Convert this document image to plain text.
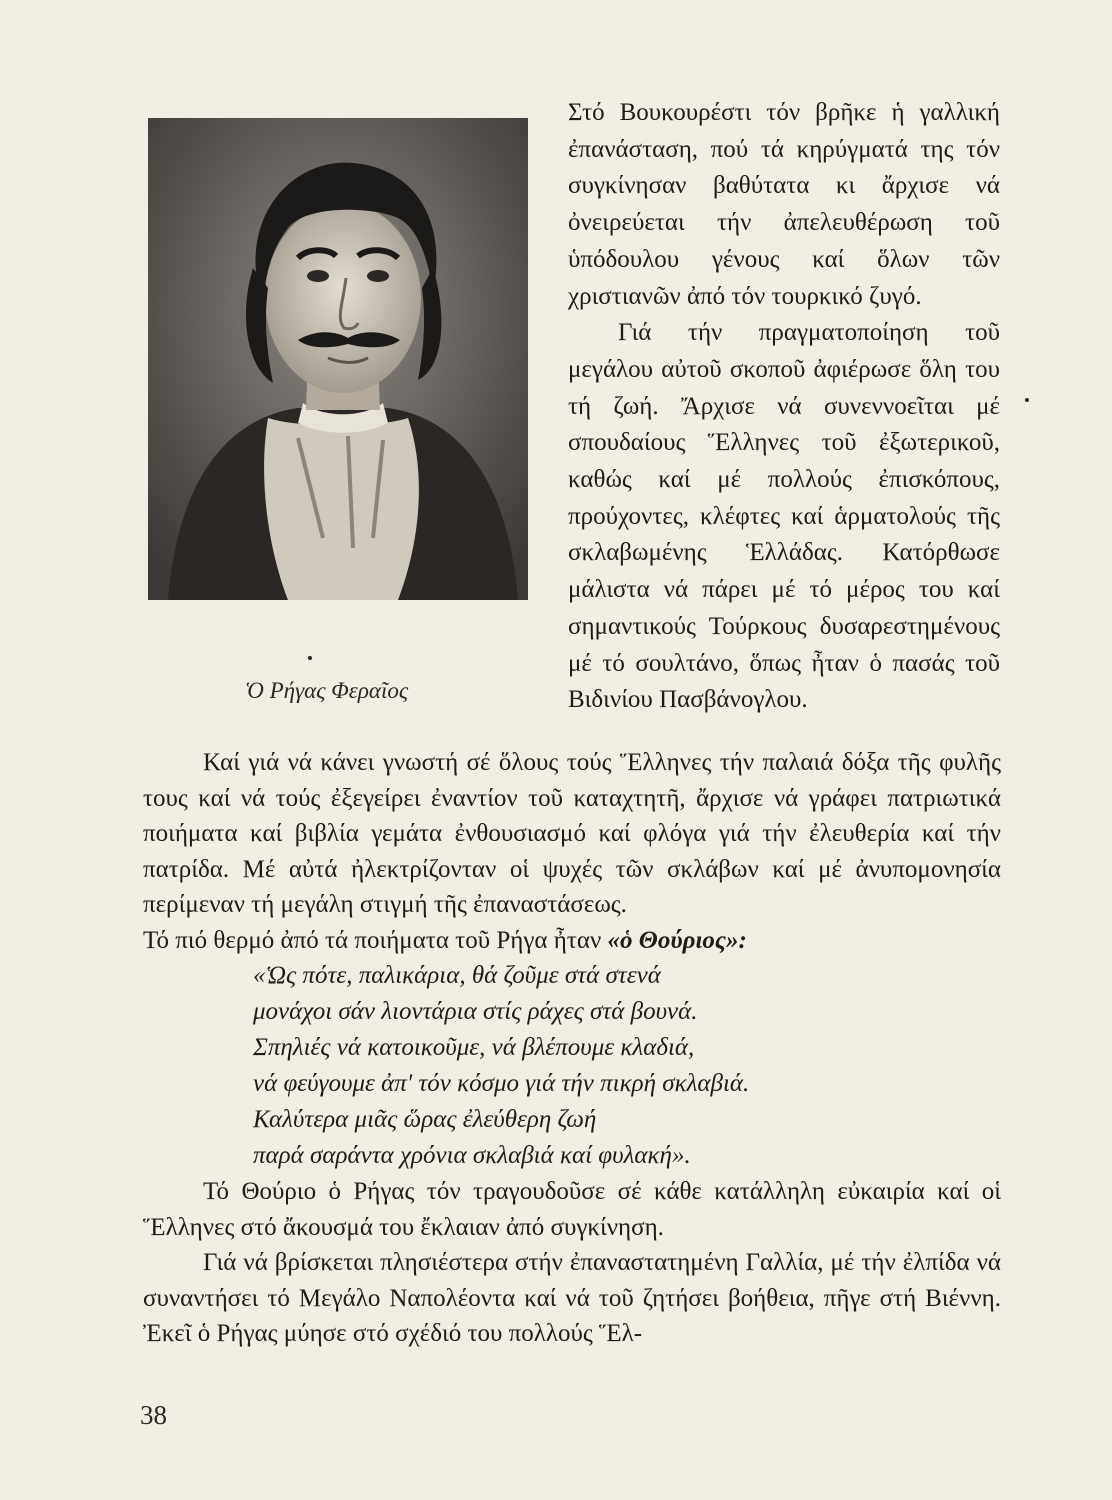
Ὁ Ρήγας Φεραῖος

Στό Βουκουρέστι τόν βρῆκε ἡ γαλλική ἐπανάσταση, πού τά κηρύγματά της τόν συγκίνησαν βαθύτατα κι ἄρχισε νά ὀνειρεύεται τήν ἀπελευθέρωση τοῦ ὑπόδουλου γένους καί ὅλων τῶν χριστιανῶν ἀπό τόν τουρκικό ζυγό.

Γιά τήν πραγματοποίηση τοῦ μεγάλου αὐτοῦ σκοποῦ ἀφιέρωσε ὅλη του τή ζωή. Ἄρχισε νά συνεννοεῖται μέ σπουδαίους Ἕλληνες τοῦ ἐξωτερικοῦ, καθώς καί μέ πολλούς ἐπισκόπους, προύχοντες, κλέφτες καί ἁρματολούς τῆς σκλαβωμένης Ἑλλάδας. Κατόρθωσε μάλιστα νά πάρει μέ τό μέρος του καί σημαντικούς Τούρκους δυσαρεστημένους μέ τό σουλτάνο, ὅπως ἦταν ὁ πασάς τοῦ Βιδινίου Πασβάνογλου.

Καί γιά νά κάνει γνωστή σέ ὅλους τούς Ἕλληνες τήν παλαιά δόξα τῆς φυλῆς τους καί νά τούς ἐξεγείρει ἐναντίον τοῦ καταχτητῆ, ἄρχισε νά γράφει πατριωτικά ποιήματα καί βιβλία γεμάτα ἐνθουσιασμό καί φλόγα γιά τήν ἐλευθερία καί τήν πατρίδα. Μέ αὐτά ἠλεκτρίζονταν οἱ ψυχές τῶν σκλάβων καί μέ ἀνυπομονησία περίμεναν τή μεγάλη στιγμή τῆς ἐπαναστάσεως.

Τό πιό θερμό ἀπό τά ποιήματα τοῦ Ρήγα ἦταν «ὁ Θούριος»:

«Ὡς πότε, παλικάρια, θά ζοῦμε στά στενά
μονάχοι σάν λιοντάρια στίς ράχες στά βουνά.
Σπηλιές νά κατοικοῦμε, νά βλέπουμε κλαδιά,
νά φεύγουμε ἀπ' τόν κόσμο γιά τήν πικρή σκλαβιά.
Καλύτερα μιᾶς ὥρας ἐλεύθερη ζωή
παρά σαράντα χρόνια σκλαβιά καί φυλακή».

Τό Θούριο ὁ Ρήγας τόν τραγουδοῦσε σέ κάθε κατάλληλη εὐκαιρία καί οἱ Ἕλληνες στό ἄκουσμά του ἔκλαιαν ἀπό συγκίνηση.

Γιά νά βρίσκεται πλησιέστερα στήν ἐπαναστατημένη Γαλλία, μέ τήν ἐλπίδα νά συναντήσει τό Μεγάλο Ναπολέοντα καί νά τοῦ ζητήσει βοήθεια, πῆγε στή Βιέννη. Ἐκεῖ ὁ Ρήγας μύησε στό σχέδιό του πολλούς Ἕλ-

38
